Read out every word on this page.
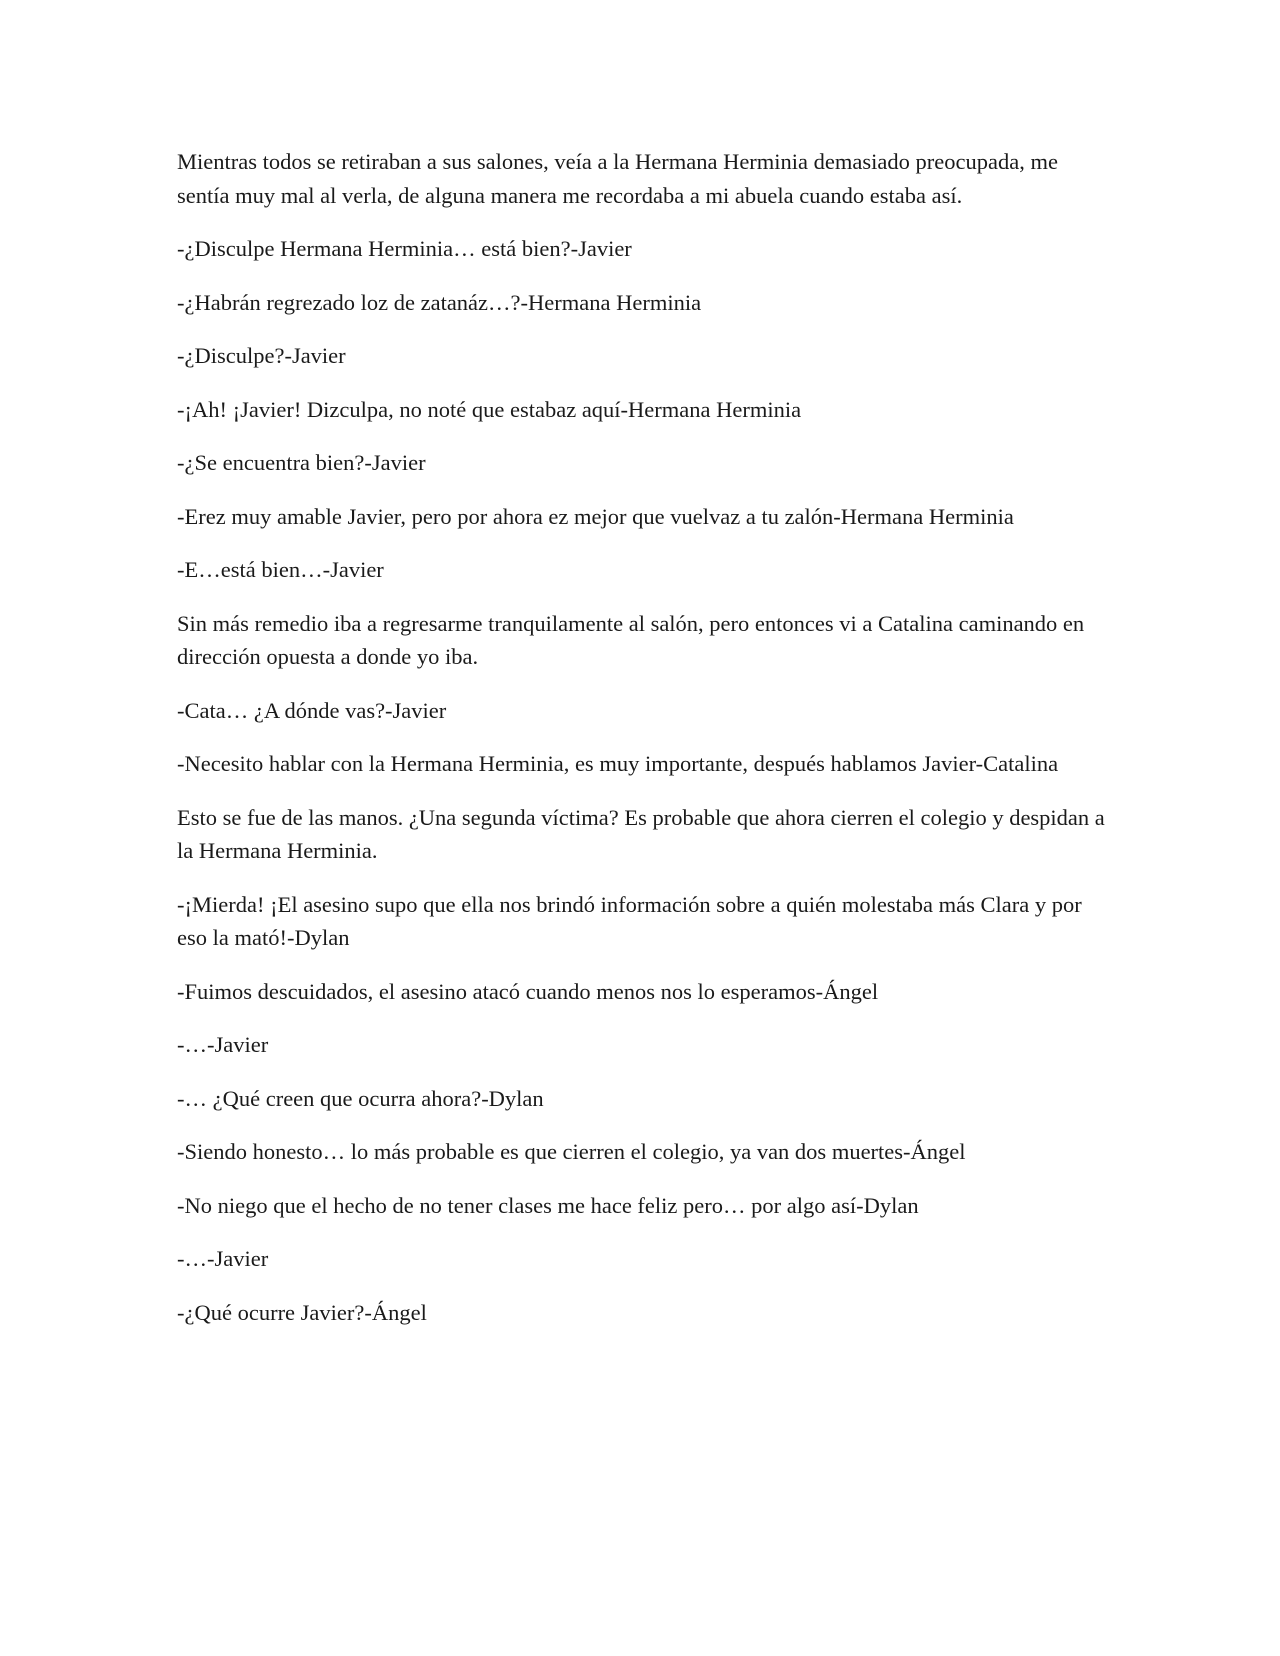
Mientras todos se retiraban a sus salones, veía a la Hermana Herminia demasiado preocupada, me sentía muy mal al verla, de alguna manera me recordaba a mi abuela cuando estaba así.

-¿Disculpe Hermana Herminia… está bien?-Javier

-¿Habrán regrezado loz de zatanáz…?-Hermana Herminia

-¿Disculpe?-Javier

-¡Ah! ¡Javier! Dizculpa, no noté que estabaz aquí-Hermana Herminia

-¿Se encuentra bien?-Javier

-Erez muy amable Javier, pero por ahora ez mejor que vuelvaz a tu zalón-Hermana Herminia

-E…está bien…-Javier

Sin más remedio iba a regresarme tranquilamente al salón, pero entonces vi a Catalina caminando en dirección opuesta a donde yo iba.

-Cata… ¿A dónde vas?-Javier

-Necesito hablar con la Hermana Herminia, es muy importante, después hablamos Javier-Catalina

Esto se fue de las manos. ¿Una segunda víctima? Es probable que ahora cierren el colegio y despidan a la Hermana Herminia.

-¡Mierda! ¡El asesino supo que ella nos brindó información sobre a quién molestaba más Clara y por eso la mató!-Dylan

-Fuimos descuidados, el asesino atacó cuando menos nos lo esperamos-Ángel

-…-Javier

-… ¿Qué creen que ocurra ahora?-Dylan

-Siendo honesto… lo más probable es que cierren el colegio, ya van dos muertes-Ángel

-No niego que el hecho de no tener clases me hace feliz pero… por algo así-Dylan

-…-Javier

-¿Qué ocurre Javier?-Ángel
